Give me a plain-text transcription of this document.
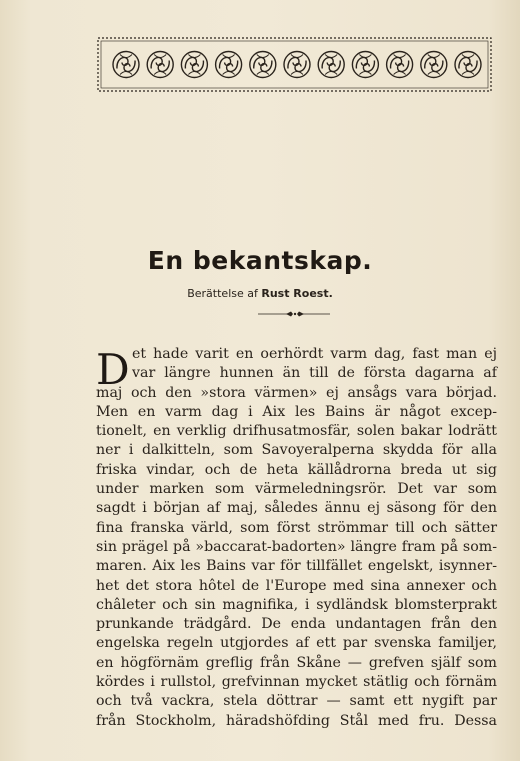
En bekantskap.
Berättelse af Rust Roest.
D et hade varit en oerhördt varm dag, fast man ej
var längre hunnen än till de första dagarna af
maj och den »stora värmen» ej ansågs vara börjad.
Men en varm dag i Aix les Bains är något excep-
tionelt, en verklig drifhusatmosfär, solen bakar lodrätt
ner i dalkitteln, som Savoyeralperna skydda för alla
friska vindar, och de heta källådrorna breda ut sig
under marken som värmeledningsrör. Det var som
sagdt i början af maj, således ännu ej säsong för den
fina franska värld, som först strömmar till och sätter
sin prägel på »baccarat-badorten» längre fram på som-
maren. Aix les Bains var för tillfället engelskt, isynner-
het det stora hôtel de l'Europe med sina annexer och
châleter och sin magnifika, i sydländsk blomsterprakt
prunkande trädgård. De enda undantagen från den
engelska regeln utgjordes af ett par svenska familjer,
en högförnäm greflig från Skåne — grefven själf som
kördes i rullstol, grefvinnan mycket stätlig och förnäm
och två vackra, stela döttrar — samt ett nygift par
från Stockholm, häradshöfding Stål med fru. Dessa
